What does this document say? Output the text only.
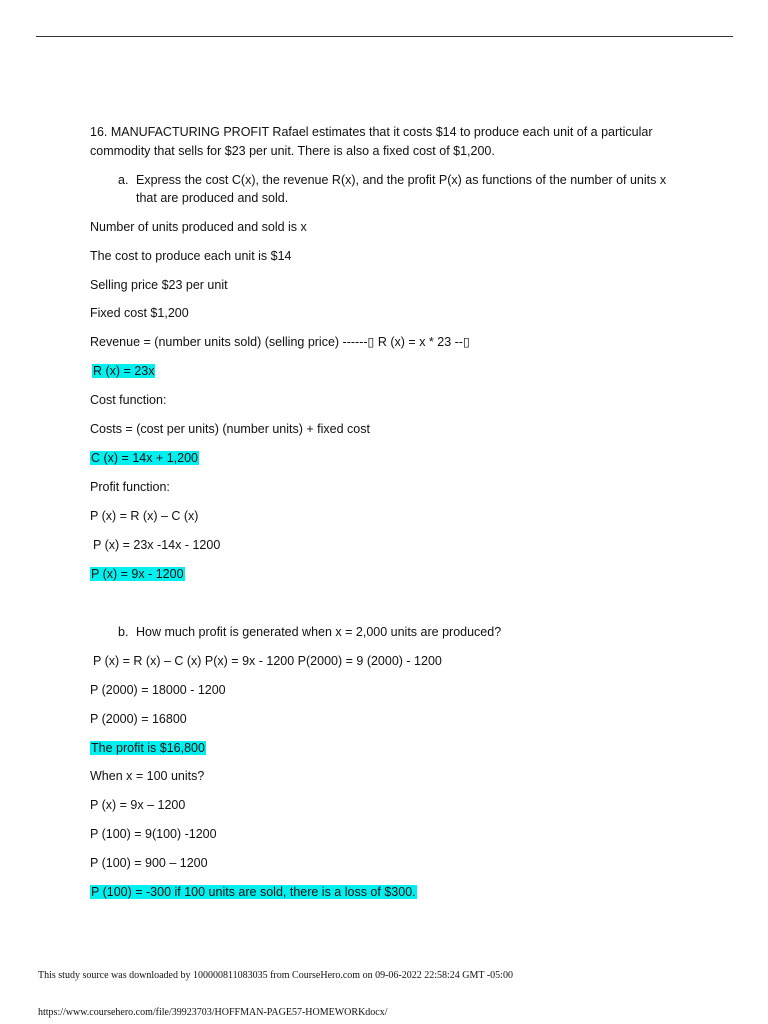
16. MANUFACTURING PROFIT Rafael estimates that it costs $14 to produce each unit of a particular
commodity that sells for $23 per unit. There is also a fixed cost of $1,200.
a. Express the cost C(x), the revenue R(x), and the profit P(x) as functions of the number of units x
that are produced and sold.
Number of units produced and sold is x
The cost to produce each unit is $14
Selling price $23 per unit
Fixed cost $1,200
Revenue = (number units sold) (selling price) ------▯ R (x) = x * 23 --▯
R (x) = 23x
Cost function:
Costs = (cost per units) (number units) + fixed cost
C (x) = 14x + 1,200
Profit function:
P (x) = R (x) – C (x)
P (x) = 23x -14x - 1200
P (x) = 9x - 1200
b. How much profit is generated when x = 2,000 units are produced?
P (x) = R (x) – C (x) P(x) = 9x - 1200 P(2000) = 9 (2000) - 1200
P (2000) = 18000 - 1200
P (2000) = 16800
The profit is $16,800
When x = 100 units?
P (x) = 9x – 1200
P (100) = 9(100) -1200
P (100) = 900 – 1200
P (100) = -300 if 100 units are sold, there is a loss of $300.
This study source was downloaded by 100000811083035 from CourseHero.com on 09-06-2022 22:58:24 GMT -05:00
https://www.coursehero.com/file/39923703/HOFFMAN-PAGE57-HOMEWORKdocx/
